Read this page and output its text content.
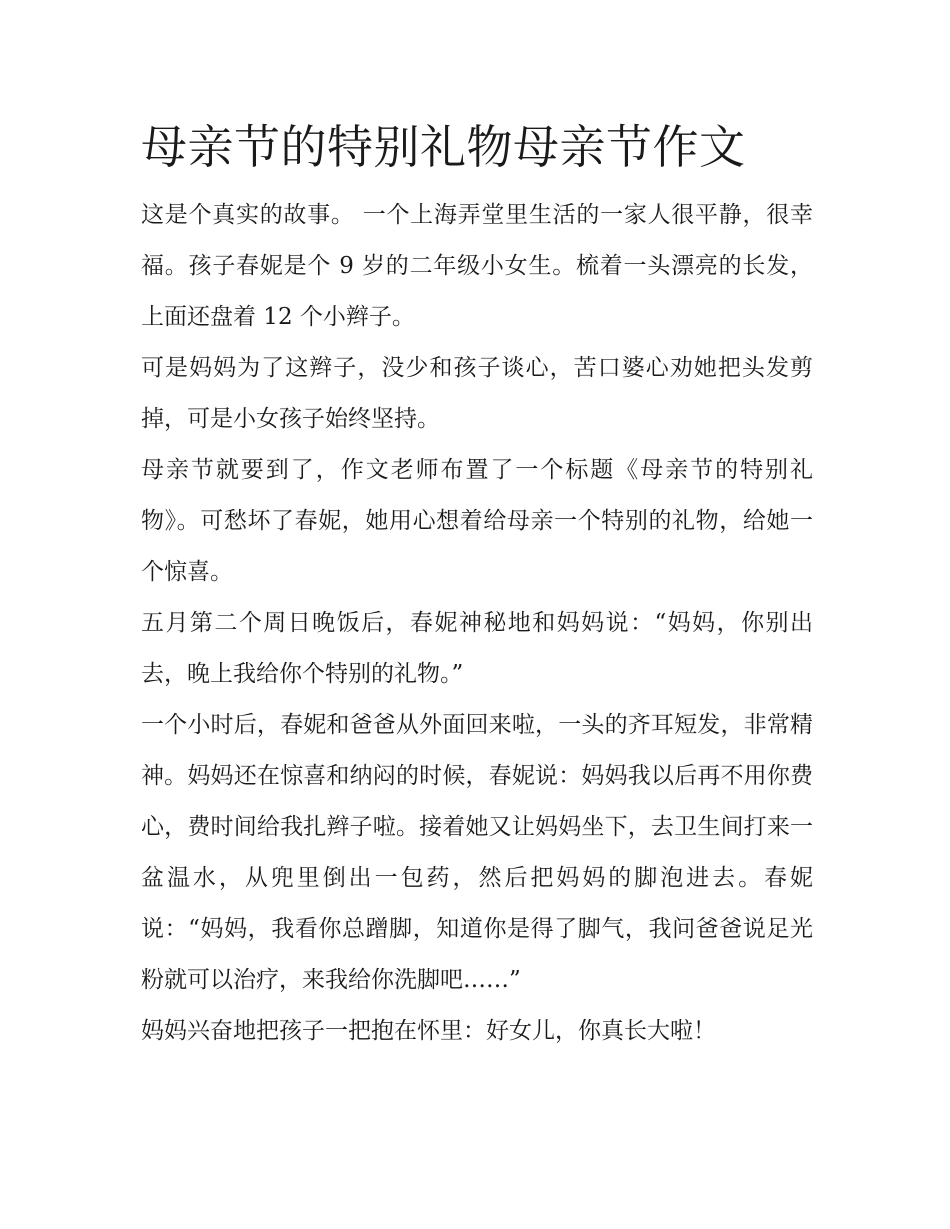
母亲节的特别礼物母亲节作文

这是个真实的故事。 一个上海弄堂里生活的一家人很平静，很幸福。孩子春妮是个 9 岁的二年级小女生。梳着一头漂亮的长发，上面还盘着 12 个小辫子。

可是妈妈为了这辫子，没少和孩子谈心，苦口婆心劝她把头发剪掉，可是小女孩子始终坚持。

母亲节就要到了，作文老师布置了一个标题《母亲节的特别礼物》。可愁坏了春妮，她用心想着给母亲一个特别的礼物，给她一个惊喜。

五月第二个周日晚饭后，春妮神秘地和妈妈说：“妈妈，你别出去，晚上我给你个特别的礼物。”

一个小时后，春妮和爸爸从外面回来啦，一头的齐耳短发，非常精神。妈妈还在惊喜和纳闷的时候，春妮说：妈妈我以后再不用你费心，费时间给我扎辫子啦。接着她又让妈妈坐下，去卫生间打来一盆温水，从兜里倒出一包药，然后把妈妈的脚泡进去。春妮说：“妈妈，我看你总蹭脚，知道你是得了脚气，我问爸爸说足光粉就可以治疗，来我给你洗脚吧……”

妈妈兴奋地把孩子一把抱在怀里：好女儿，你真长大啦！
